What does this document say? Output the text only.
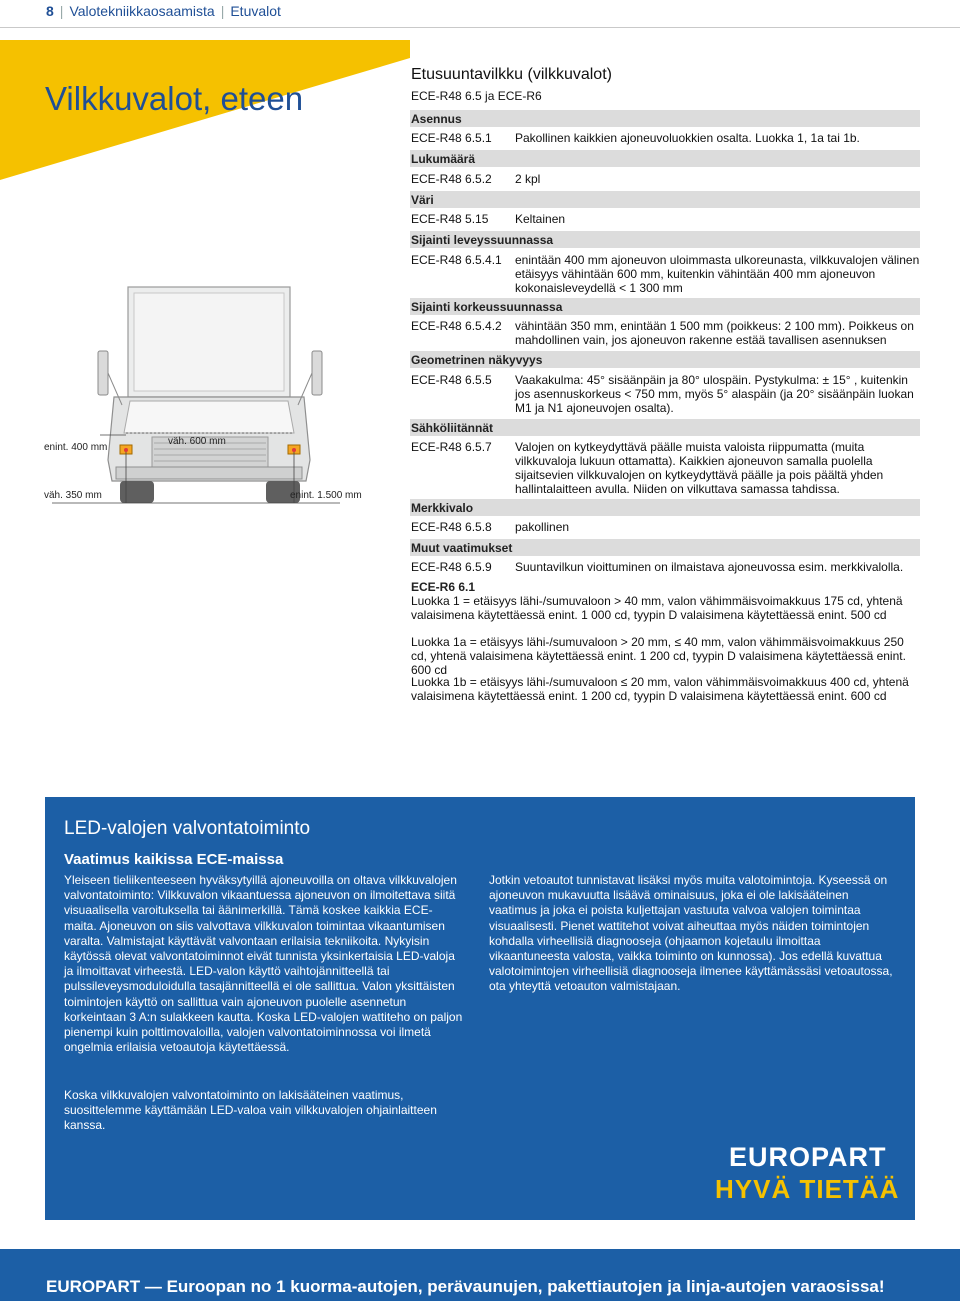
8 | Valotekniikkaosaamista | Etuvalot
Vilkkuvalot, eteen
Etusuuntavilkku (vilkkuvalot)
ECE-R48 6.5 ja ECE-R6
Asennus
ECE-R48 6.5.1 Pakollinen kaikkien ajoneuvoluokkien osalta. Luokka 1, 1a tai 1b.
Lukumäärä
ECE-R48 6.5.2 2 kpl
Väri
ECE-R48 5.15 Keltainen
Sijainti leveyssuunnassa
ECE-R48 6.5.4.1 enintään 400 mm ajoneuvon uloimmasta ulkoreunasta, vilkkuvalojen välinen etäisyys vähintään 600 mm, kuitenkin vähintään 400 mm ajoneuvon kokonaisleveydellä < 1 300 mm
Sijainti korkeussuunnassa
ECE-R48 6.5.4.2 vähintään 350 mm, enintään 1 500 mm (poikkeus: 2 100 mm). Poikkeus on mahdollinen vain, jos ajoneuvon rakenne estää tavallisen asennuksen
Geometrinen näkyvyys
ECE-R48 6.5.5 Vaakakulma: 45° sisäänpäin ja 80° ulospäin. Pystykulma: ± 15° , kuitenkin jos asennuskorkeus < 750 mm, myös 5° alaspäin (ja 20° sisäänpäin luokan M1 ja N1 ajoneuvojen osalta).
Sähköliitännät
ECE-R48 6.5.7 Valojen on kytkeydyttävä päälle muista valoista riippumatta (muita vilkkuvaloja lukuun ottamatta). Kaikkien ajoneuvon samalla puolella sijaitsevien vilkkuvalojen on kytkeydyttävä päälle ja pois päältä yhden hallintalaitteen avulla. Niiden on vilkuttava samassa tahdissa.
Merkkivalo
ECE-R48 6.5.8 pakollinen
Muut vaatimukset
ECE-R48 6.5.9 Suuntavilkun vioittuminen on ilmaistava ajoneuvossa esim. merkkivalolla.
ECE-R6 6.1
Luokka 1 = etäisyys lähi-/sumuvaloon > 40 mm, valon vähimmäisvoimakkuus 175 cd, yhtenä valaisimena käytettäessä enint. 1 000 cd, tyypin D valaisimena käytettäessä enint. 500 cd
Luokka 1a = etäisyys lähi-/sumuvaloon > 20 mm, ≤ 40 mm, valon vähimmäisvoimakkuus 250 cd, yhtenä valaisimena käytettäessä enint. 1 200 cd, tyypin D valaisimena käytettäessä enint. 600 cd
Luokka 1b = etäisyys lähi-/sumuvaloon ≤ 20 mm, valon vähimmäisvoimakkuus 400 cd, yhtenä valaisimena käytettäessä enint. 1 200 cd, tyypin D valaisimena käytettäessä enint. 600 cd
enint. 400 mm
väh. 350 mm
väh. 600 mm
enint. 1.500 mm
LED-valojen valvontatoiminto
Vaatimus kaikissa ECE-maissa
Yleiseen tieliikenteeseen hyväksytyillä ajoneuvoilla on oltava vilkkuvalojen valvontatoiminto: Vilkkuvalon vikaantuessa ajoneuvon on ilmoitettava siitä visuaalisella varoituksella tai äänimerkillä. Tämä koskee kaikkia ECE-maita. Ajoneuvon on siis valvottava vilkkuvalon toimintaa vikaantumisen varalta. Valmistajat käyttävät valvontaan erilaisia tekniikoita. Nykyisin käytössä olevat valvontatoiminnot eivät tunnista yksinkertaisia LED-valoja ja ilmoittavat virheestä. LED-valon käyttö vaihtojännitteellä tai pulssileveysmoduloidulla tasajännitteellä ei ole sallittua. Valon yksittäisten toimintojen käyttö on sallittua vain ajoneuvon puolelle asennetun korkeintaan 3 A:n sulakkeen kautta. Koska LED-valojen wattiteho on paljon pienempi kuin polttimovaloilla, valojen valvontatoiminnossa voi ilmetä ongelmia erilaisia vetoautoja käytettäessä.
Koska vilkkuvalojen valvontatoiminto on lakisääteinen vaatimus, suosittelemme käyttämään LED-valoa vain vilkkuvalojen ohjainlaitteen kanssa.
Jotkin vetoautot tunnistavat lisäksi myös muita valotoimintoja. Kyseessä on ajoneuvon mukavuutta lisäävä ominaisuus, joka ei ole lakisääteinen vaatimus ja joka ei poista kuljettajan vastuuta valvoa valojen toimintaa visuaalisesti. Pienet wattitehot voivat aiheuttaa myös näiden toimintojen kohdalla virheellisiä diagnooseja (ohjaamon kojetaulu ilmoittaa vikaantuneesta valosta, vaikka toiminto on kunnossa). Jos edellä kuvattua valotoimintojen virheellisiä diagnooseja ilmenee käyttämässäsi vetoautossa, ota yhteyttä vetoauton valmistajaan.
EUROPART
HYVÄ TIETÄÄ
EUROPART — Euroopan no 1 kuorma-autojen, perävaunujen, pakettiautojen ja linja-autojen varaosissa!
